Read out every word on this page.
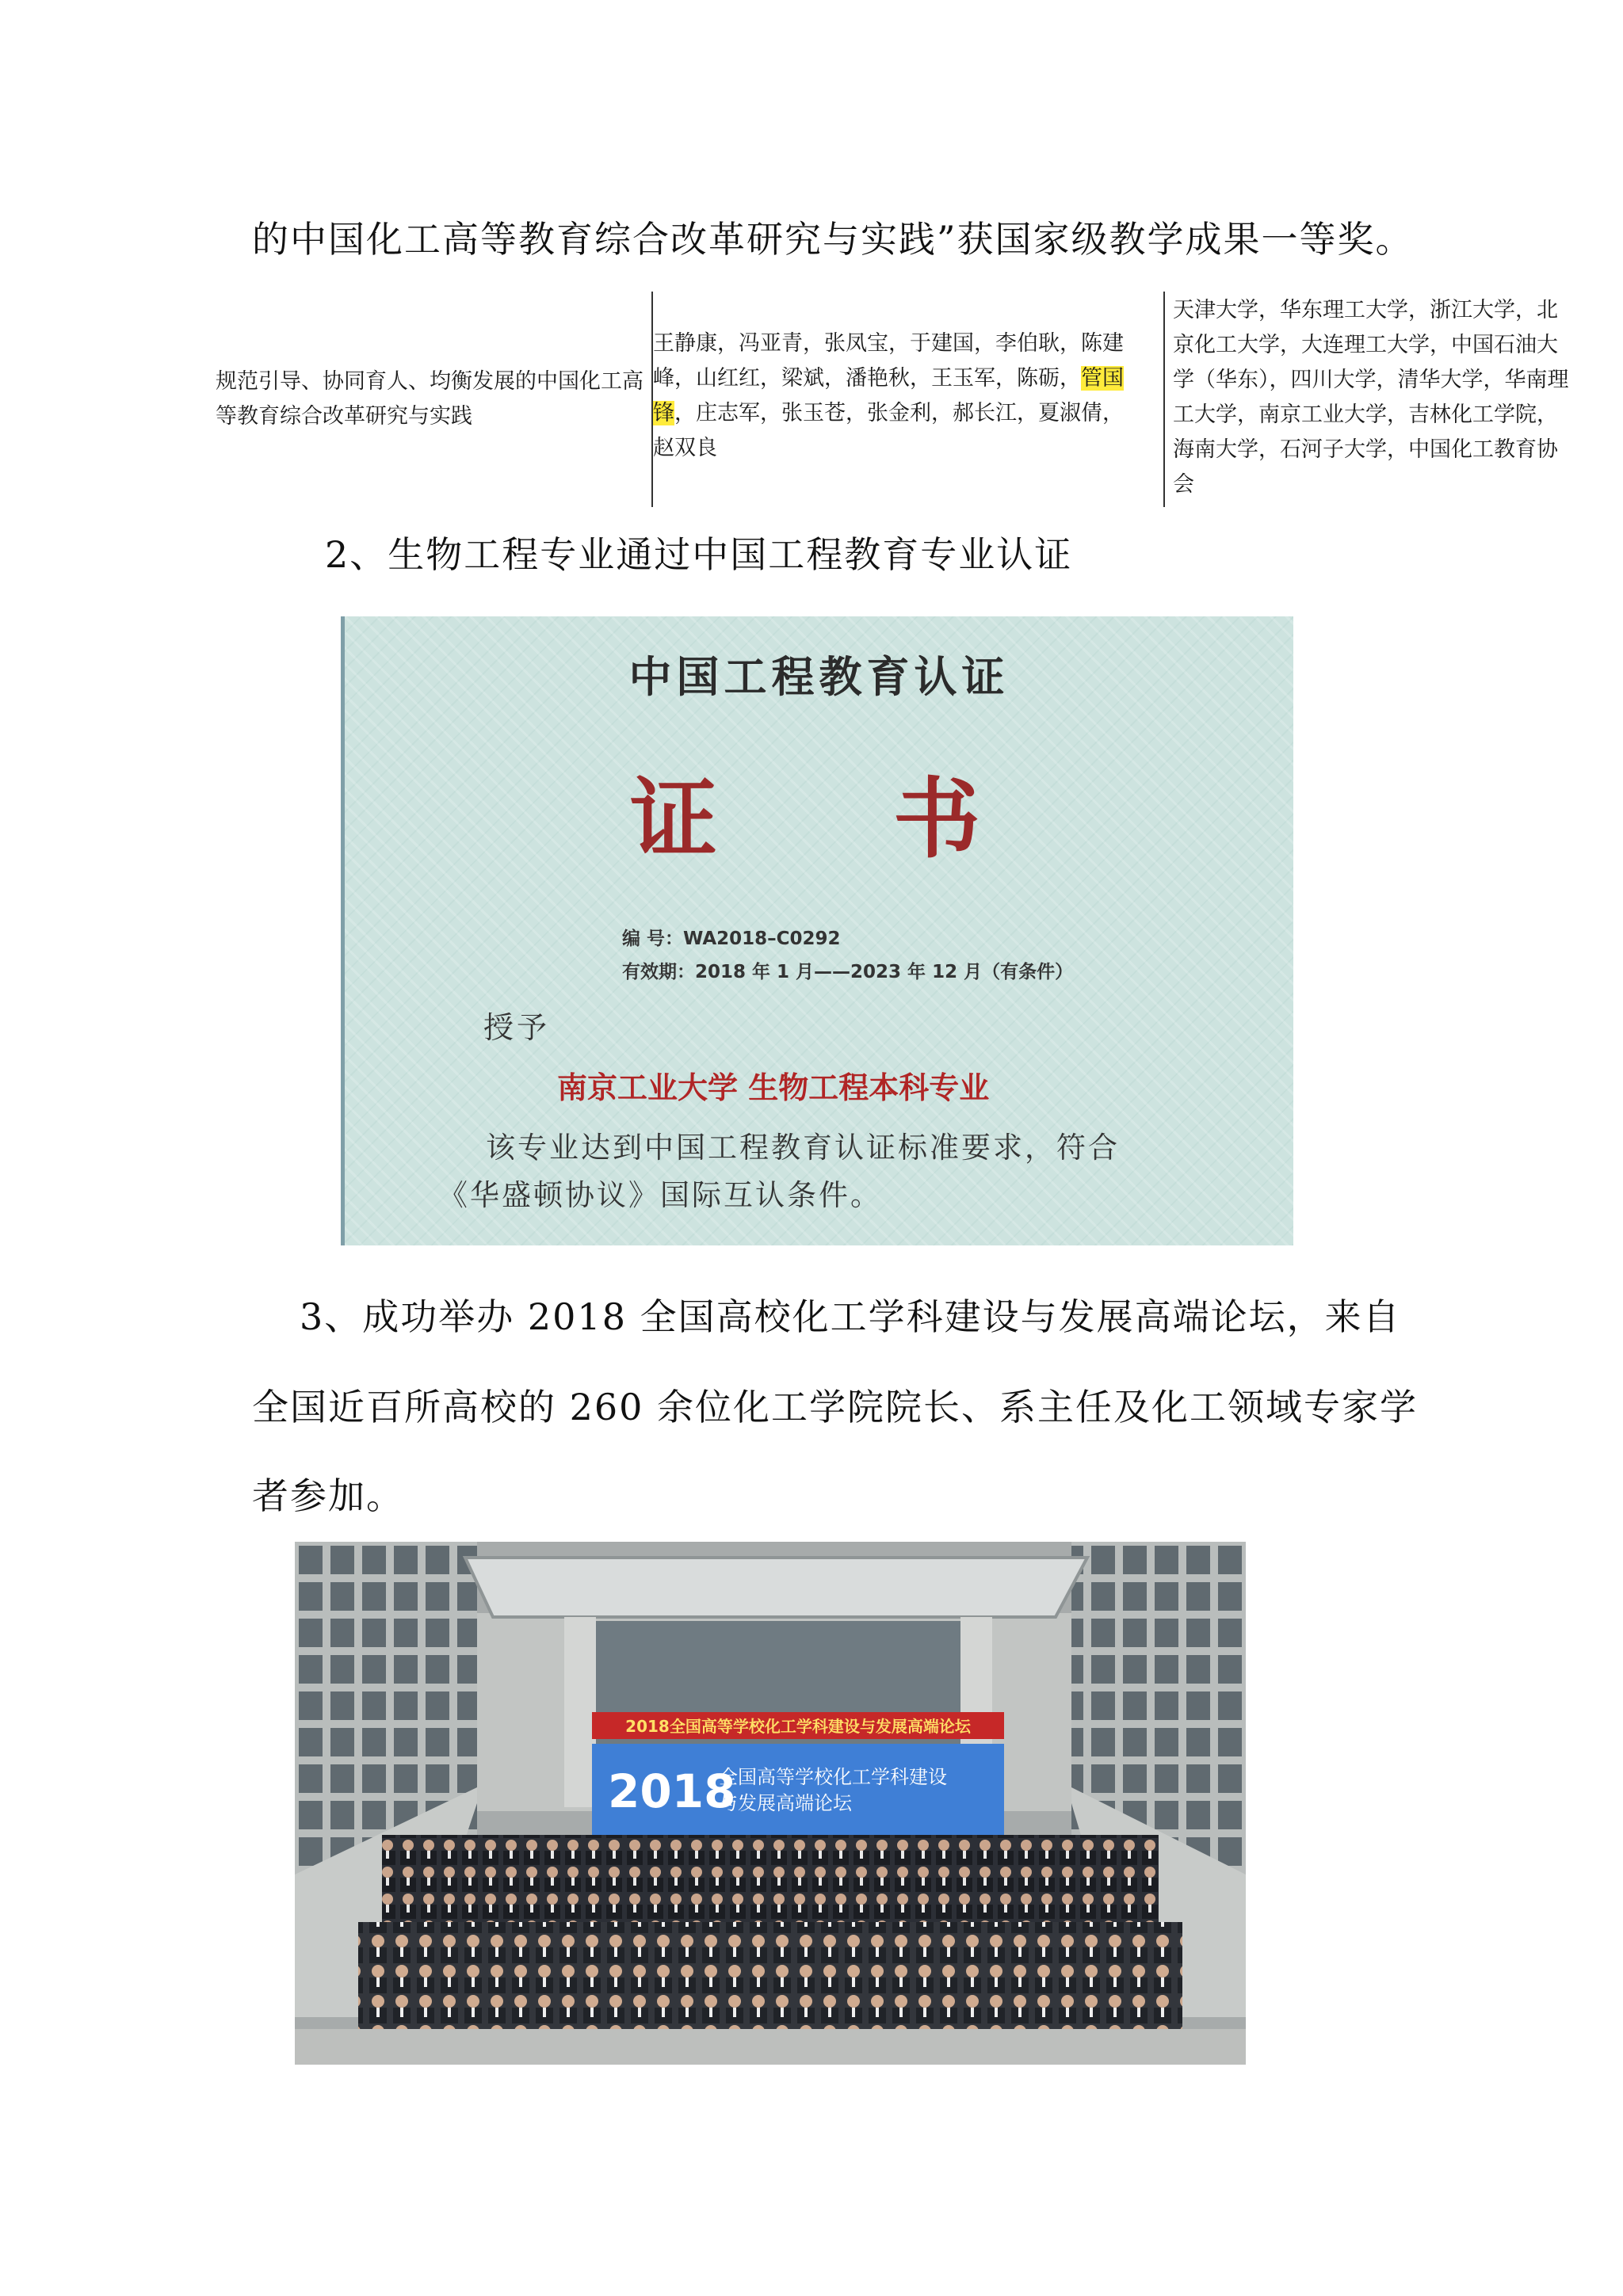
的中国化工高等教育综合改革研究与实践”获国家级教学成果一等奖。
规范引导、协同育人、均衡发展的中国化工高等教育综合改革研究与实践
王静康，冯亚青，张凤宝，于建国，李伯耿，陈建峰，山红红，梁斌，潘艳秋，王玉军，陈砺，管国锋，庄志军，张玉苍，张金利，郝长江，夏淑倩，赵双良
天津大学，华东理工大学，浙江大学，北京化工大学，大连理工大学，中国石油大学（华东），四川大学，清华大学，华南理工大学，南京工业大学，吉林化工学院，海南大学，石河子大学，中国化工教育协会
2、生物工程专业通过中国工程教育专业认证
中国工程教育认证
证 书
编 号：WA2018–C0292
有效期：2018 年 1 月——2023 年 12 月（有条件）
授予
南京工业大学 生物工程本科专业
该专业达到中国工程教育认证标准要求，符合
《华盛顿协议》国际互认条件。
3、成功举办 2018 全国高校化工学科建设与发展高端论坛，来自
全国近百所高校的 260 余位化工学院院长、系主任及化工领域专家学
者参加。
2018全国高等学校化工学科建设与发展高端论坛
2018
全国高等学校化工学科建设
与发展高端论坛
